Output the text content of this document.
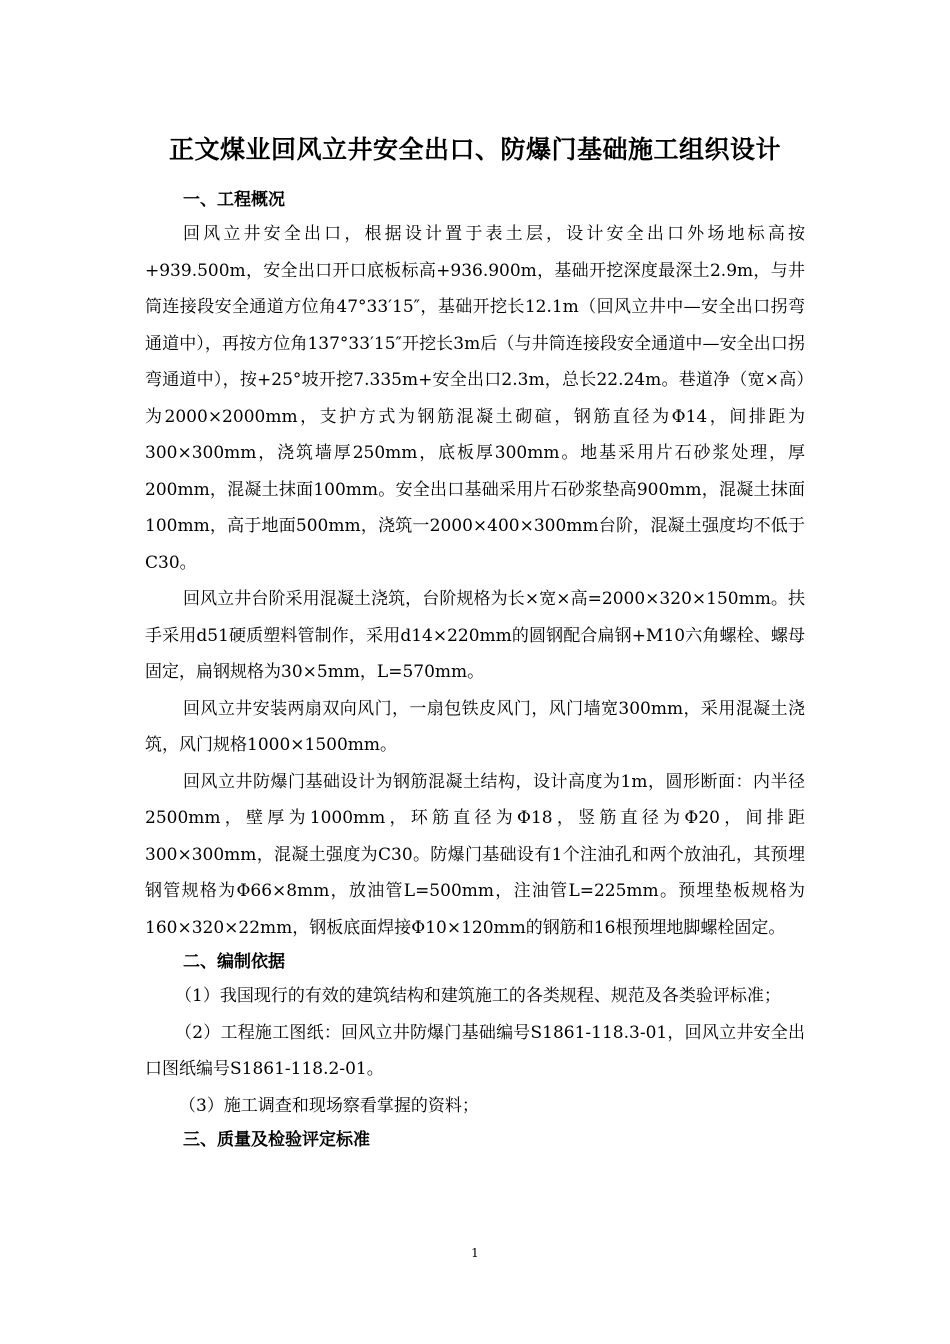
正文煤业回风立井安全出口、防爆门基础施工组织设计

一、工程概况

回风立井安全出口，根据设计置于表土层，设计安全出口外场地标高按+939.500m，安全出口开口底板标高+936.900m，基础开挖深度最深土2.9m，与井筒连接段安全通道方位角47°33′15″，基础开挖长12.1m（回风立井中—安全出口拐弯通道中），再按方位角137°33′15″开挖长3m后（与井筒连接段安全通道中—安全出口拐弯通道中），按+25°坡开挖7.335m+安全出口2.3m，总长22.24m。巷道净（宽×高）为2000×2000mm，支护方式为钢筋混凝土砌碹，钢筋直径为Φ14，间排距为300×300mm，浇筑墙厚250mm，底板厚300mm。地基采用片石砂浆处理，厚200mm，混凝土抹面100mm。安全出口基础采用片石砂浆垫高900mm，混凝土抹面100mm，高于地面500mm，浇筑一2000×400×300mm台阶，混凝土强度均不低于C30。

回风立井台阶采用混凝土浇筑，台阶规格为长×宽×高=2000×320×150mm。扶手采用d51硬质塑料管制作，采用d14×220mm的圆钢配合扁钢+M10六角螺栓、螺母固定，扁钢规格为30×5mm，L=570mm。

回风立井安装两扇双向风门，一扇包铁皮风门，风门墙宽300mm，采用混凝土浇筑，风门规格1000×1500mm。

回风立井防爆门基础设计为钢筋混凝土结构，设计高度为1m，圆形断面：内半径2500mm，壁厚为1000mm，环筋直径为Φ18，竖筋直径为Φ20，间排距300×300mm，混凝土强度为C30。防爆门基础设有1个注油孔和两个放油孔，其预埋钢管规格为Φ66×8mm，放油管L=500mm，注油管L=225mm。预埋垫板规格为160×320×22mm，钢板底面焊接Φ10×120mm的钢筋和16根预埋地脚螺栓固定。

二、编制依据

（1）我国现行的有效的建筑结构和建筑施工的各类规程、规范及各类验评标准；

（2）工程施工图纸：回风立井防爆门基础编号S1861-118.3-01，回风立井安全出口图纸编号S1861-118.2-01。

（3）施工调查和现场察看掌握的资料；

三、质量及检验评定标准

1
